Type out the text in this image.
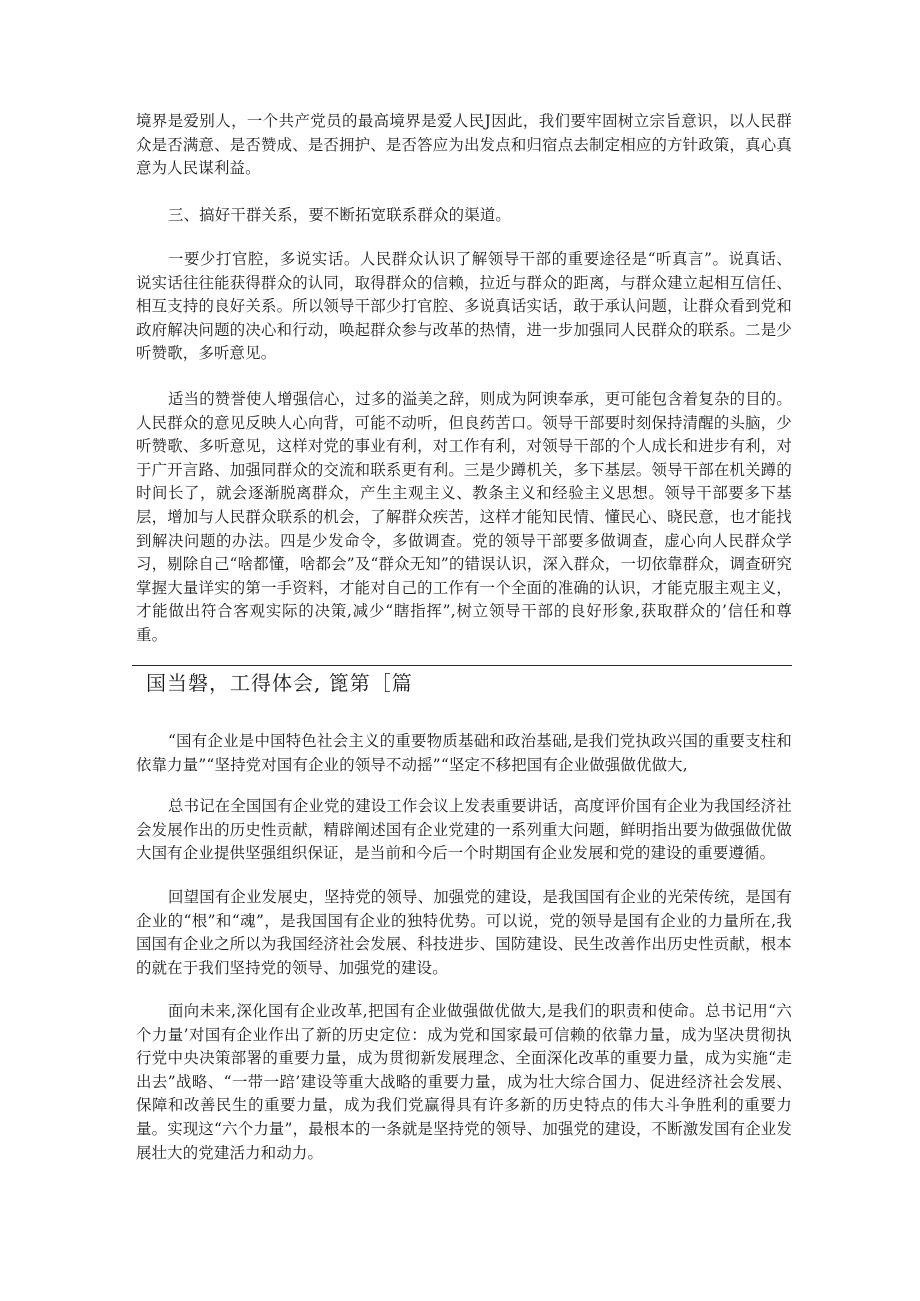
境界是爱别人，一个共产党员的最高境界是爱人民J因此，我们要牢固树立宗旨意识，以人民群众是否满意、是否赞成、是否拥护、是否答应为出发点和归宿点去制定相应的方针政策，真心真意为人民谋利益。

三、搞好干群关系，要不断拓宽联系群众的渠道。

一要少打官腔，多说实话。人民群众认识了解领导干部的重要途径是“听真言”。说真话、说实话往往能获得群众的认同，取得群众的信赖，拉近与群众的距离，与群众建立起相互信任、相互支持的良好关系。所以领导干部少打官腔、多说真话实话，敢于承认问题，让群众看到党和政府解决问题的决心和行动，唤起群众参与改革的热情，进一步加强同人民群众的联系。二是少听赞歌，多听意见。

适当的赞誉使人增强信心，过多的溢美之辞，则成为阿谀奉承，更可能包含着复杂的目的。人民群众的意见反映人心向背，可能不动听，但良药苦口。领导干部要时刻保持清醒的头脑，少听赞歌、多听意见，这样对党的事业有利，对工作有利，对领导干部的个人成长和进步有利，对于广开言路、加强同群众的交流和联系更有利。三是少蹲机关，多下基层。领导干部在机关蹲的时间长了，就会逐渐脱离群众，产生主观主义、教条主义和经验主义思想。领导干部要多下基层，增加与人民群众联系的机会，了解群众疾苦，这样才能知民情、懂民心、晓民意，也才能找到解决问题的办法。四是少发命令，多做调查。党的领导干部要多做调查，虚心向人民群众学习，剔除自己“啥都懂，啥都会”及“群众无知”的错误认识，深入群众，一切依靠群众，调查研究掌握大量详实的第一手资料，才能对自己的工作有一个全面的准确的认识，才能克服主观主义，才能做出符合客观实际的决策,减少“瞎指挥”,树立领导干部的良好形象,获取群众的’信任和尊重。

国当磐，工得体会, 篦第［篇

“国有企业是中国特色社会主义的重要物质基础和政治基础,是我们党执政兴国的重要支柱和依靠力量”“坚持党对国有企业的领导不动摇”“坚定不移把国有企业做强做优做大,

总书记在全国国有企业党的建设工作会议上发表重要讲话，高度评价国有企业为我国经济社会发展作出的历史性贡献，精辟阐述国有企业党建的一系列重大问题，鲜明指出要为做强做优做大国有企业提供坚强组织保证，是当前和今后一个时期国有企业发展和党的建设的重要遵循。

回望国有企业发展史，坚持党的领导、加强党的建设，是我国国有企业的光荣传统，是国有企业的“根”和“魂”，是我国国有企业的独特优势。可以说，党的领导是国有企业的力量所在,我国国有企业之所以为我国经济社会发展、科技进步、国防建设、民生改善作出历史性贡献，根本的就在于我们坚持党的领导、加强党的建设。

面向未来,深化国有企业改革,把国有企业做强做优做大,是我们的职责和使命。总书记用“六个力量’对国有企业作出了新的历史定位：成为党和国家最可信赖的依靠力量，成为坚决贯彻执行党中央决策部署的重要力量，成为贯彻新发展理念、全面深化改革的重要力量，成为实施“走出去”战略、“一带一踣’建设等重大战略的重要力量，成为壮大综合国力、促进经济社会发展、保障和改善民生的重要力量，成为我们党赢得具有许多新的历史特点的伟大斗争胜利的重要力量。实现这“六个力量”，最根本的一条就是坚持党的领导、加强党的建设，不断激发国有企业发展壮大的党建活力和动力。
